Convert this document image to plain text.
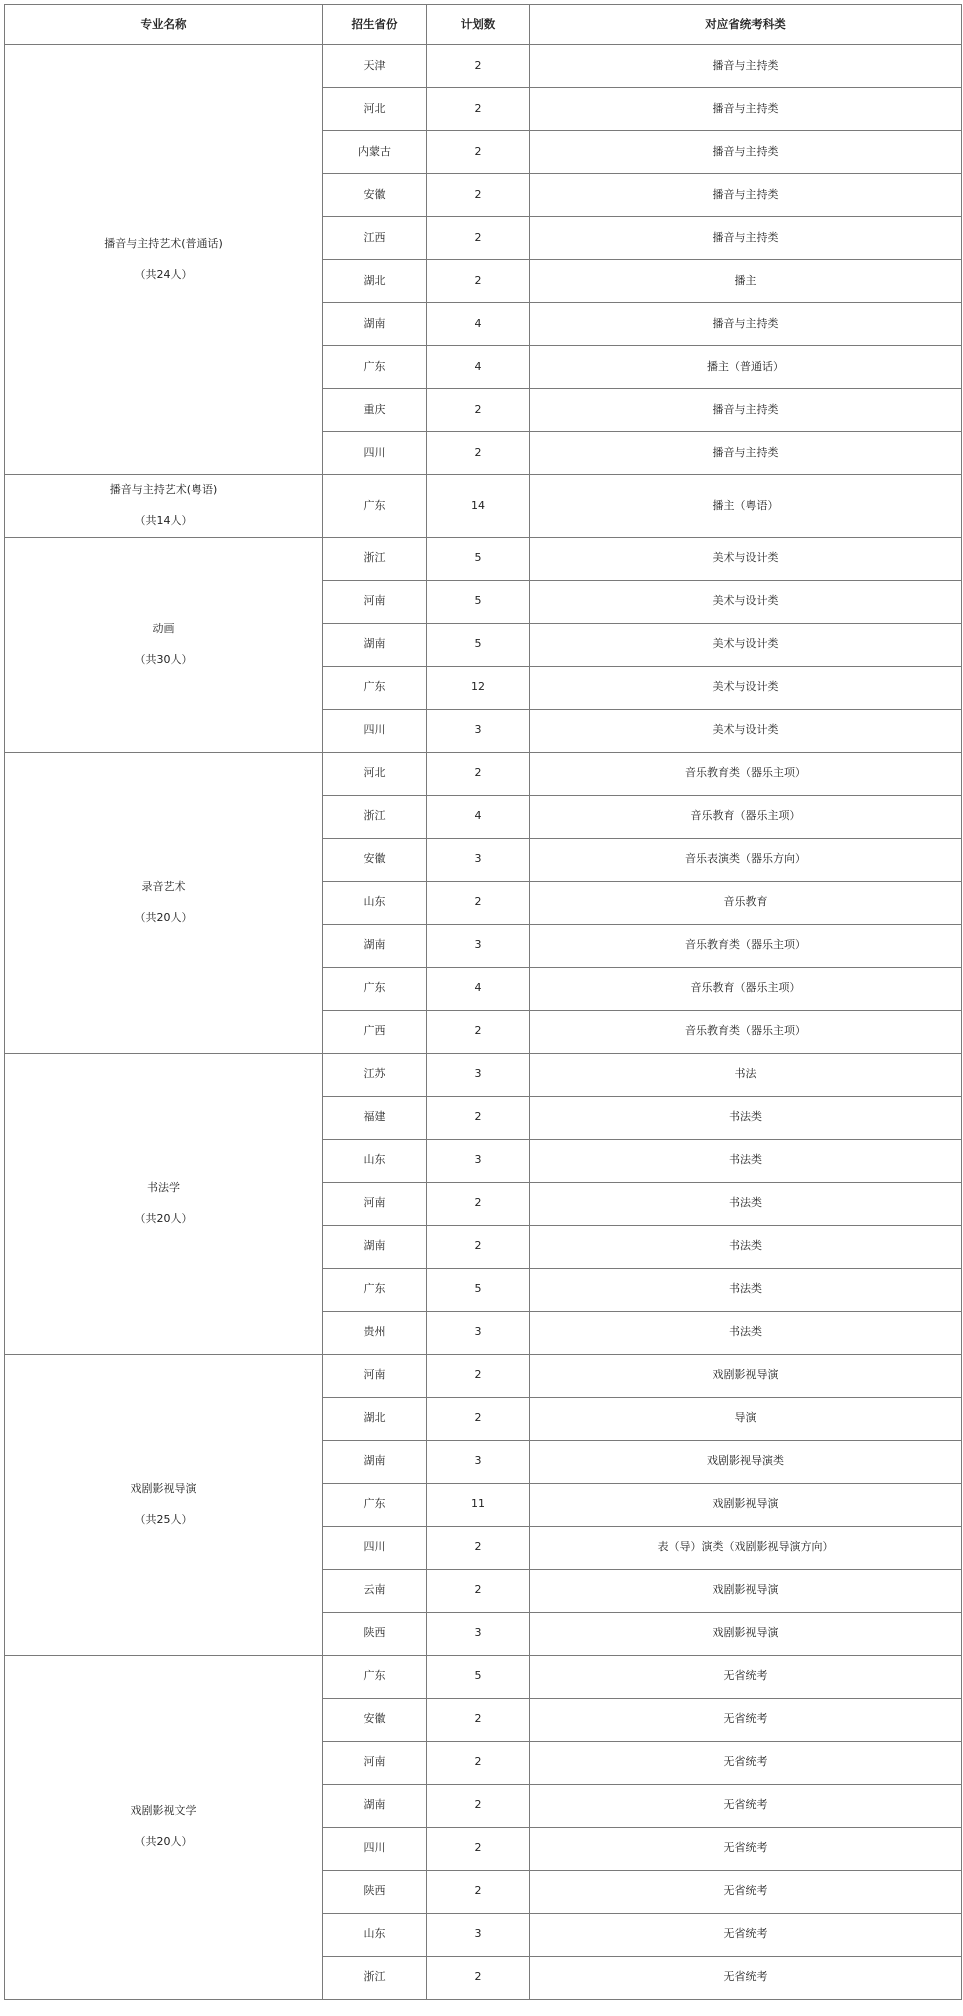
专业名称	招生省份	计划数	对应省统考科类

播音与主持艺术(普通话)
（共24人）	天津	2	播音与主持类
	河北	2	播音与主持类
	内蒙古	2	播音与主持类
	安徽	2	播音与主持类
	江西	2	播音与主持类
	湖北	2	播主
	湖南	4	播音与主持类
	广东	4	播主（普通话）
	重庆	2	播音与主持类
	四川	2	播音与主持类

播音与主持艺术(粤语)
（共14人）	广东	14	播主（粤语）

动画
（共30人）	浙江	5	美术与设计类
	河南	5	美术与设计类
	湖南	5	美术与设计类
	广东	12	美术与设计类
	四川	3	美术与设计类

录音艺术
（共20人）	河北	2	音乐教育类（器乐主项）
	浙江	4	音乐教育（器乐主项）
	安徽	3	音乐表演类（器乐方向）
	山东	2	音乐教育
	湖南	3	音乐教育类（器乐主项）
	广东	4	音乐教育（器乐主项）
	广西	2	音乐教育类（器乐主项）

书法学
（共20人）	江苏	3	书法
	福建	2	书法类
	山东	3	书法类
	河南	2	书法类
	湖南	2	书法类
	广东	5	书法类
	贵州	3	书法类

戏剧影视导演
（共25人）	河南	2	戏剧影视导演
	湖北	2	导演
	湖南	3	戏剧影视导演类
	广东	11	戏剧影视导演
	四川	2	表（导）演类（戏剧影视导演方向）
	云南	2	戏剧影视导演
	陕西	3	戏剧影视导演

戏剧影视文学
（共20人）	广东	5	无省统考
	安徽	2	无省统考
	河南	2	无省统考
	湖南	2	无省统考
	四川	2	无省统考
	陕西	2	无省统考
	山东	3	无省统考
	浙江	2	无省统考
